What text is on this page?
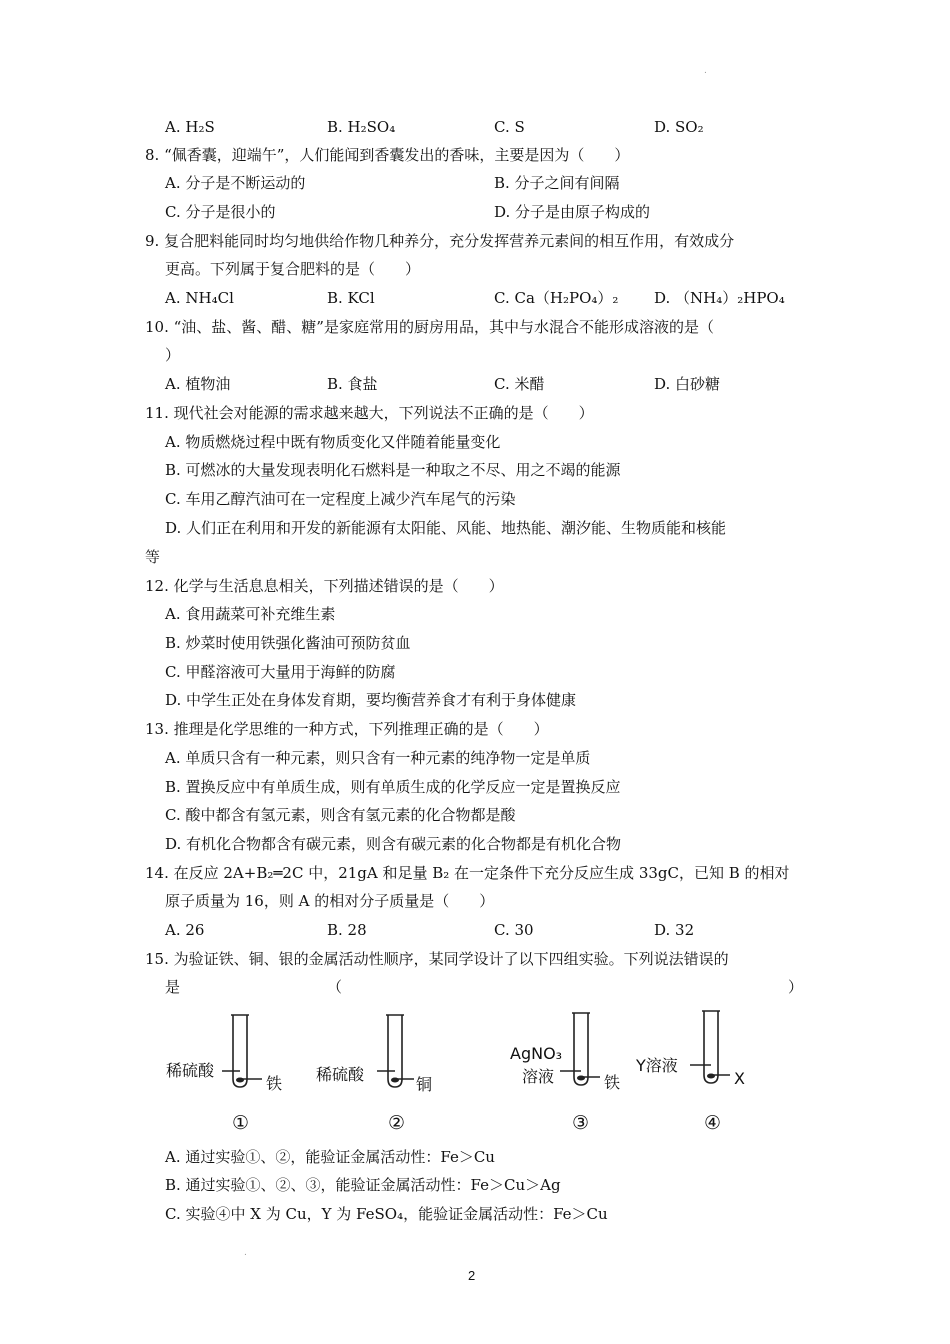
.
.
A. H₂S	B. H₂SO₄	C. S	D. SO₂
8. “佩香囊，迎端午”，人们能闻到香囊发出的香味，主要是因为（　　）
A. 分子是不断运动的	B. 分子之间有间隔
C. 分子是很小的	D. 分子是由原子构成的
9. 复合肥料能同时均匀地供给作物几种养分，充分发挥营养元素间的相互作用，有效成分
更高。下列属于复合肥料的是（　　）
A. NH₄Cl	B. KCl	C. Ca（H₂PO₄）₂ D. （NH₄）₂HPO₄
10. “油、盐、酱、醋、糖”是家庭常用的厨房用品，其中与水混合不能形成溶液的是（
）
A. 植物油	B. 食盐	C. 米醋	D. 白砂糖
11. 现代社会对能源的需求越来越大，下列说法不正确的是（　　）
A. 物质燃烧过程中既有物质变化又伴随着能量变化
B. 可燃冰的大量发现表明化石燃料是一种取之不尽、用之不竭的能源
C. 车用乙醇汽油可在一定程度上减少汽车尾气的污染
D. 人们正在利用和开发的新能源有太阳能、风能、地热能、潮汐能、生物质能和核能
等
12. 化学与生活息息相关，下列描述错误的是（　　）
A. 食用蔬菜可补充维生素
B. 炒菜时使用铁强化酱油可预防贫血
C. 甲醛溶液可大量用于海鲜的防腐
D. 中学生正处在身体发育期，要均衡营养食才有利于身体健康
13. 推理是化学思维的一种方式，下列推理正确的是（　　）
A. 单质只含有一种元素，则只含有一种元素的纯净物一定是单质
B. 置换反应中有单质生成，则有单质生成的化学反应一定是置换反应
C. 酸中都含有氢元素，则含有氢元素的化合物都是酸
D. 有机化合物都含有碳元素，则含有碳元素的化合物都是有机化合物
14. 在反应 2A+B₂═2C 中，21gA 和足量 B₂ 在一定条件下充分反应生成 33gC，已知 B 的相对
原子质量为 16，则 A 的相对分子质量是（　　）
A. 26	B. 28	C. 30	D. 32
15. 为验证铁、铜、银的金属活动性顺序，某同学设计了以下四组实验。下列说法错误的
是	（	）
稀硫酸
铁
①
稀硫酸
铜
②
AgNO₃
溶液	铁
③
Y溶液
X
④
A. 通过实验①、②，能验证金属活动性：Fe＞Cu
B. 通过实验①、②、③，能验证金属活动性：Fe＞Cu＞Ag
C. 实验④中 X 为 Cu，Y 为 FeSO₄，能验证金属活动性：Fe＞Cu
2
